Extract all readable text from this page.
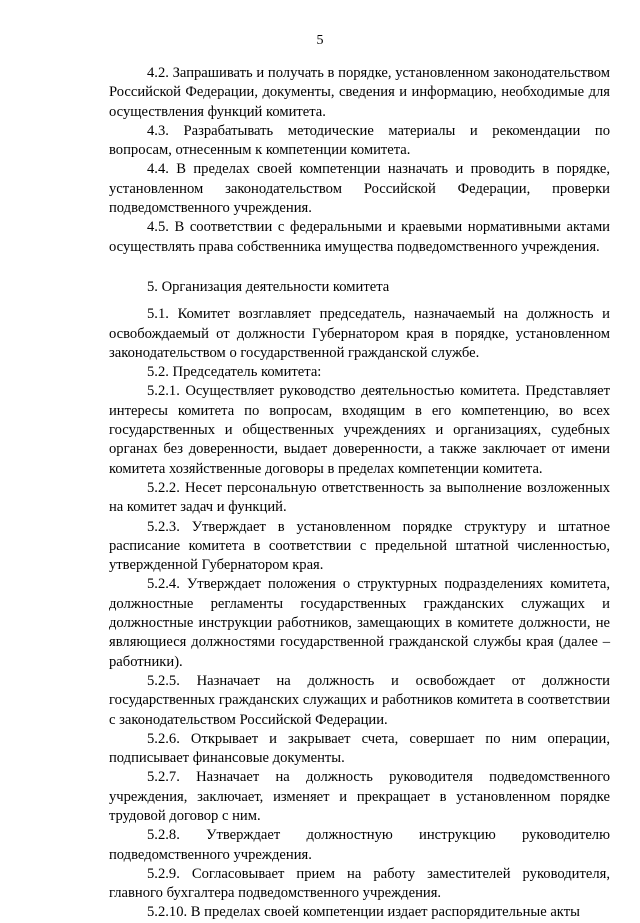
5

4.2. Запрашивать и получать в порядке, установленном законодательством Российской Федерации, документы, сведения и информацию, необходимые для осуществления функций комитета.

4.3. Разрабатывать методические материалы и рекомендации по вопросам, отнесенным к компетенции комитета.

4.4. В пределах своей компетенции назначать и проводить в порядке, установленном законодательством Российской Федерации, проверки подведомственного учреждения.

4.5. В соответствии с федеральными и краевыми нормативными актами осуществлять права собственника имущества подведомственного учреждения.

5. Организация деятельности комитета

5.1. Комитет возглавляет председатель, назначаемый на должность и освобождаемый от должности Губернатором края в порядке, установленном законодательством о государственной гражданской службе.

5.2. Председатель комитета:

5.2.1. Осуществляет руководство деятельностью комитета. Представляет интересы комитета по вопросам, входящим в его компетенцию, во всех государственных и общественных учреждениях и организациях, судебных органах без доверенности, выдает доверенности, а также заключает от имени комитета хозяйственные договоры в пределах компетенции комитета.

5.2.2. Несет персональную ответственность за выполнение возложенных на комитет задач и функций.

5.2.3. Утверждает в установленном порядке структуру и штатное расписание комитета в соответствии с предельной штатной численностью, утвержденной Губернатором края.

5.2.4. Утверждает положения о структурных подразделениях комитета, должностные регламенты государственных гражданских служащих и должностные инструкции работников, замещающих в комитете должности, не являющиеся должностями государственной гражданской службы края (далее – работники).

5.2.5. Назначает на должность и освобождает от должности государственных гражданских служащих и работников комитета в соответствии с законодательством Российской Федерации.

5.2.6. Открывает и закрывает счета, совершает по ним операции, подписывает финансовые документы.

5.2.7. Назначает на должность руководителя подведомственного учреждения, заключает, изменяет и прекращает в установленном порядке трудовой договор с ним.

5.2.8. Утверждает должностную инструкцию руководителю подведомственного учреждения.

5.2.9. Согласовывает прием на работу заместителей руководителя, главного бухгалтера подведомственного учреждения.

5.2.10. В пределах своей компетенции издает распорядительные акты
